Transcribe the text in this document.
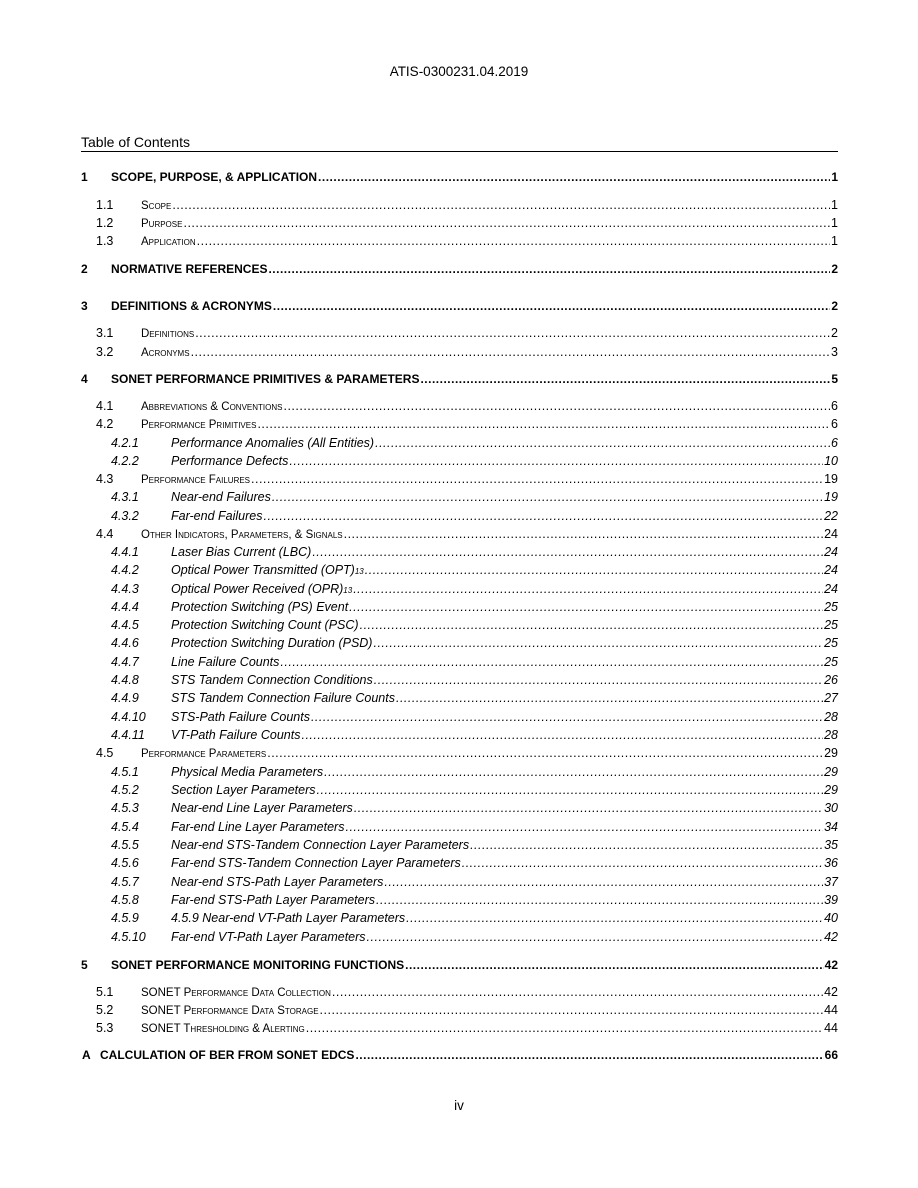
ATIS-0300231.04.2019
Table of Contents
1	SCOPE, PURPOSE, & APPLICATION .....	1
1.1	Scope .....	1
1.2	Purpose .....	1
1.3	Application .....	1
2	NORMATIVE REFERENCES .....	2
3	DEFINITIONS & ACRONYMS .....	2
3.1	Definitions .....	2
3.2	Acronyms .....	3
4	SONET PERFORMANCE PRIMITIVES & PARAMETERS .....	5
4.1	Abbreviations & Conventions .....	6
4.2	Performance Primitives .....	6
4.2.1	Performance Anomalies (All Entities) .....	6
4.2.2	Performance Defects .....	10
4.3	Performance Failures .....	19
4.3.1	Near-end Failures .....	19
4.3.2	Far-end Failures .....	22
4.4	Other Indicators, Parameters, & Signals .....	24
4.4.1	Laser Bias Current (LBC) .....	24
4.4.2	Optical Power Transmitted (OPT) 13 .....	24
4.4.3	Optical Power Received (OPR) 13 .....	24
4.4.4	Protection Switching (PS) Event .....	25
4.4.5	Protection Switching Count (PSC) .....	25
4.4.6	Protection Switching Duration (PSD) .....	25
4.4.7	Line Failure Counts .....	25
4.4.8	STS Tandem Connection Conditions .....	26
4.4.9	STS Tandem Connection Failure Counts .....	27
4.4.10	STS-Path Failure Counts .....	28
4.4.11	VT-Path Failure Counts .....	28
4.5	Performance Parameters .....	29
4.5.1	Physical Media Parameters .....	29
4.5.2	Section Layer Parameters .....	29
4.5.3	Near-end Line Layer Parameters .....	30
4.5.4	Far-end Line Layer Parameters .....	34
4.5.5	Near-end STS-Tandem Connection Layer Parameters .....	35
4.5.6	Far-end STS-Tandem Connection Layer Parameters .....	36
4.5.7	Near-end STS-Path Layer Parameters .....	37
4.5.8	Far-end STS-Path Layer Parameters .....	39
4.5.9	4.5.9 Near-end VT-Path Layer Parameters .....	40
4.5.10	Far-end VT-Path Layer Parameters .....	42
5	SONET PERFORMANCE MONITORING FUNCTIONS .....	42
5.1	SONET Performance Data Collection .....	42
5.2	SONET Performance Data Storage .....	44
5.3	SONET Thresholding & Alerting .....	44
A CALCULATION OF BER FROM SONET EDCS .....	66
iv
